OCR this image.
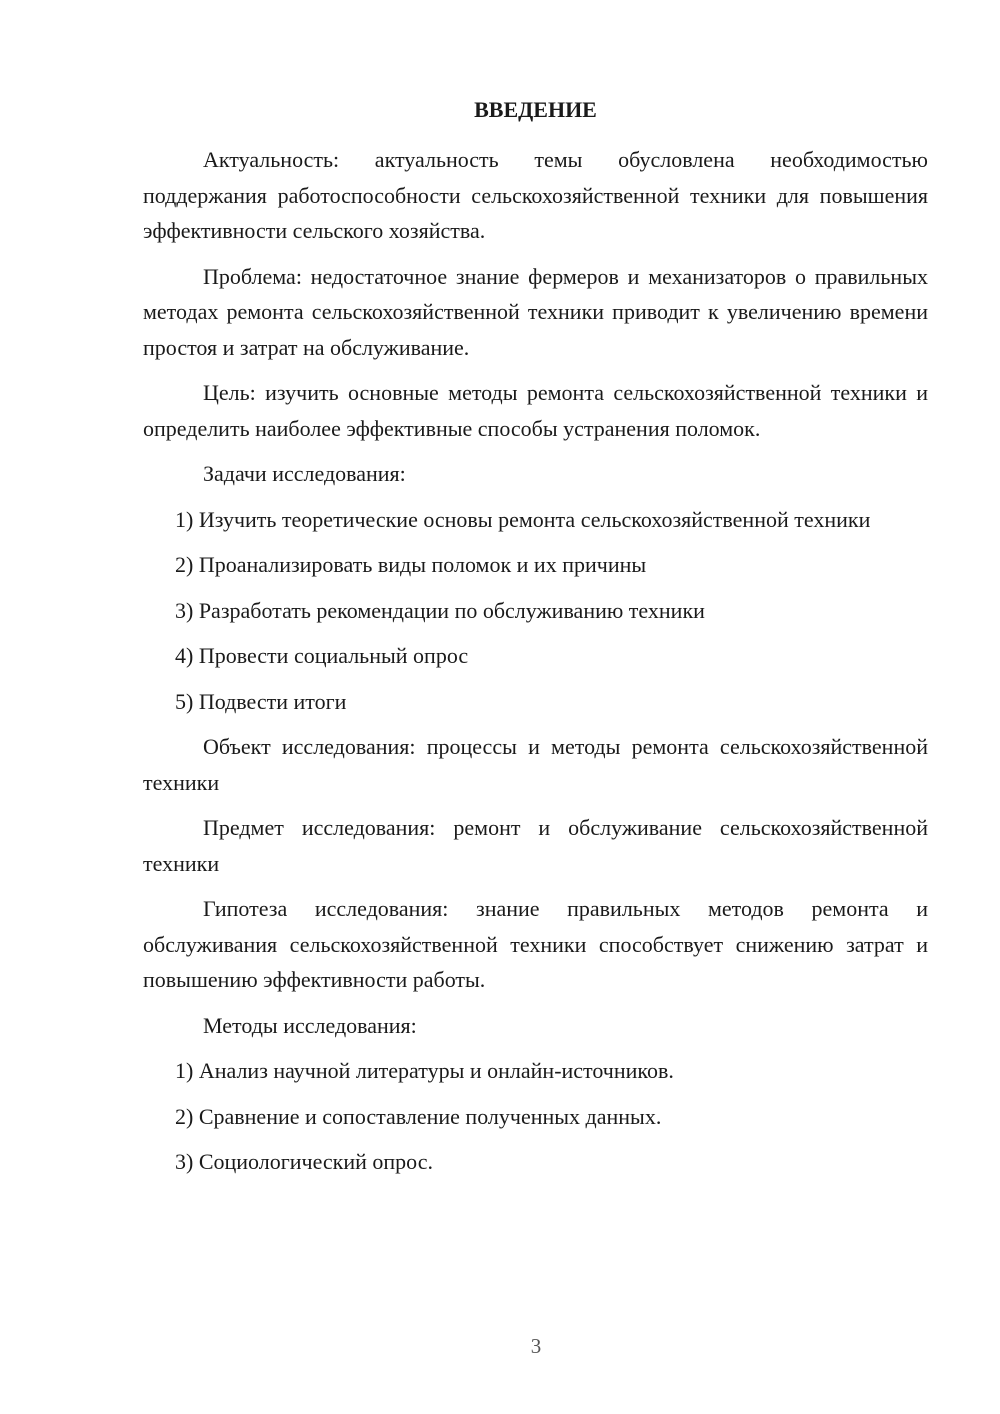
ВВЕДЕНИЕ

Актуальность: актуальность темы обусловлена необходимостью поддержания работоспособности сельскохозяйственной техники для повышения эффективности сельского хозяйства.

Проблема: недостаточное знание фермеров и механизаторов о правильных методах ремонта сельскохозяйственной техники приводит к увеличению времени простоя и затрат на обслуживание.

Цель: изучить основные методы ремонта сельскохозяйственной техники и определить наиболее эффективные способы устранения поломок.

Задачи исследования:

1) Изучить теоретические основы ремонта сельскохозяйственной техники

2) Проанализировать виды поломок и их причины

3) Разработать рекомендации по обслуживанию техники

4) Провести социальный опрос

5) Подвести итоги

Объект исследования: процессы и методы ремонта сельскохозяйственной техники

Предмет исследования: ремонт и обслуживание сельскохозяйственной техники

Гипотеза исследования: знание правильных методов ремонта и обслуживания сельскохозяйственной техники способствует снижению затрат и повышению эффективности работы.

Методы исследования:

1) Анализ научной литературы и онлайн-источников.

2) Сравнение и сопоставление полученных данных.

3) Социологический опрос.

3
